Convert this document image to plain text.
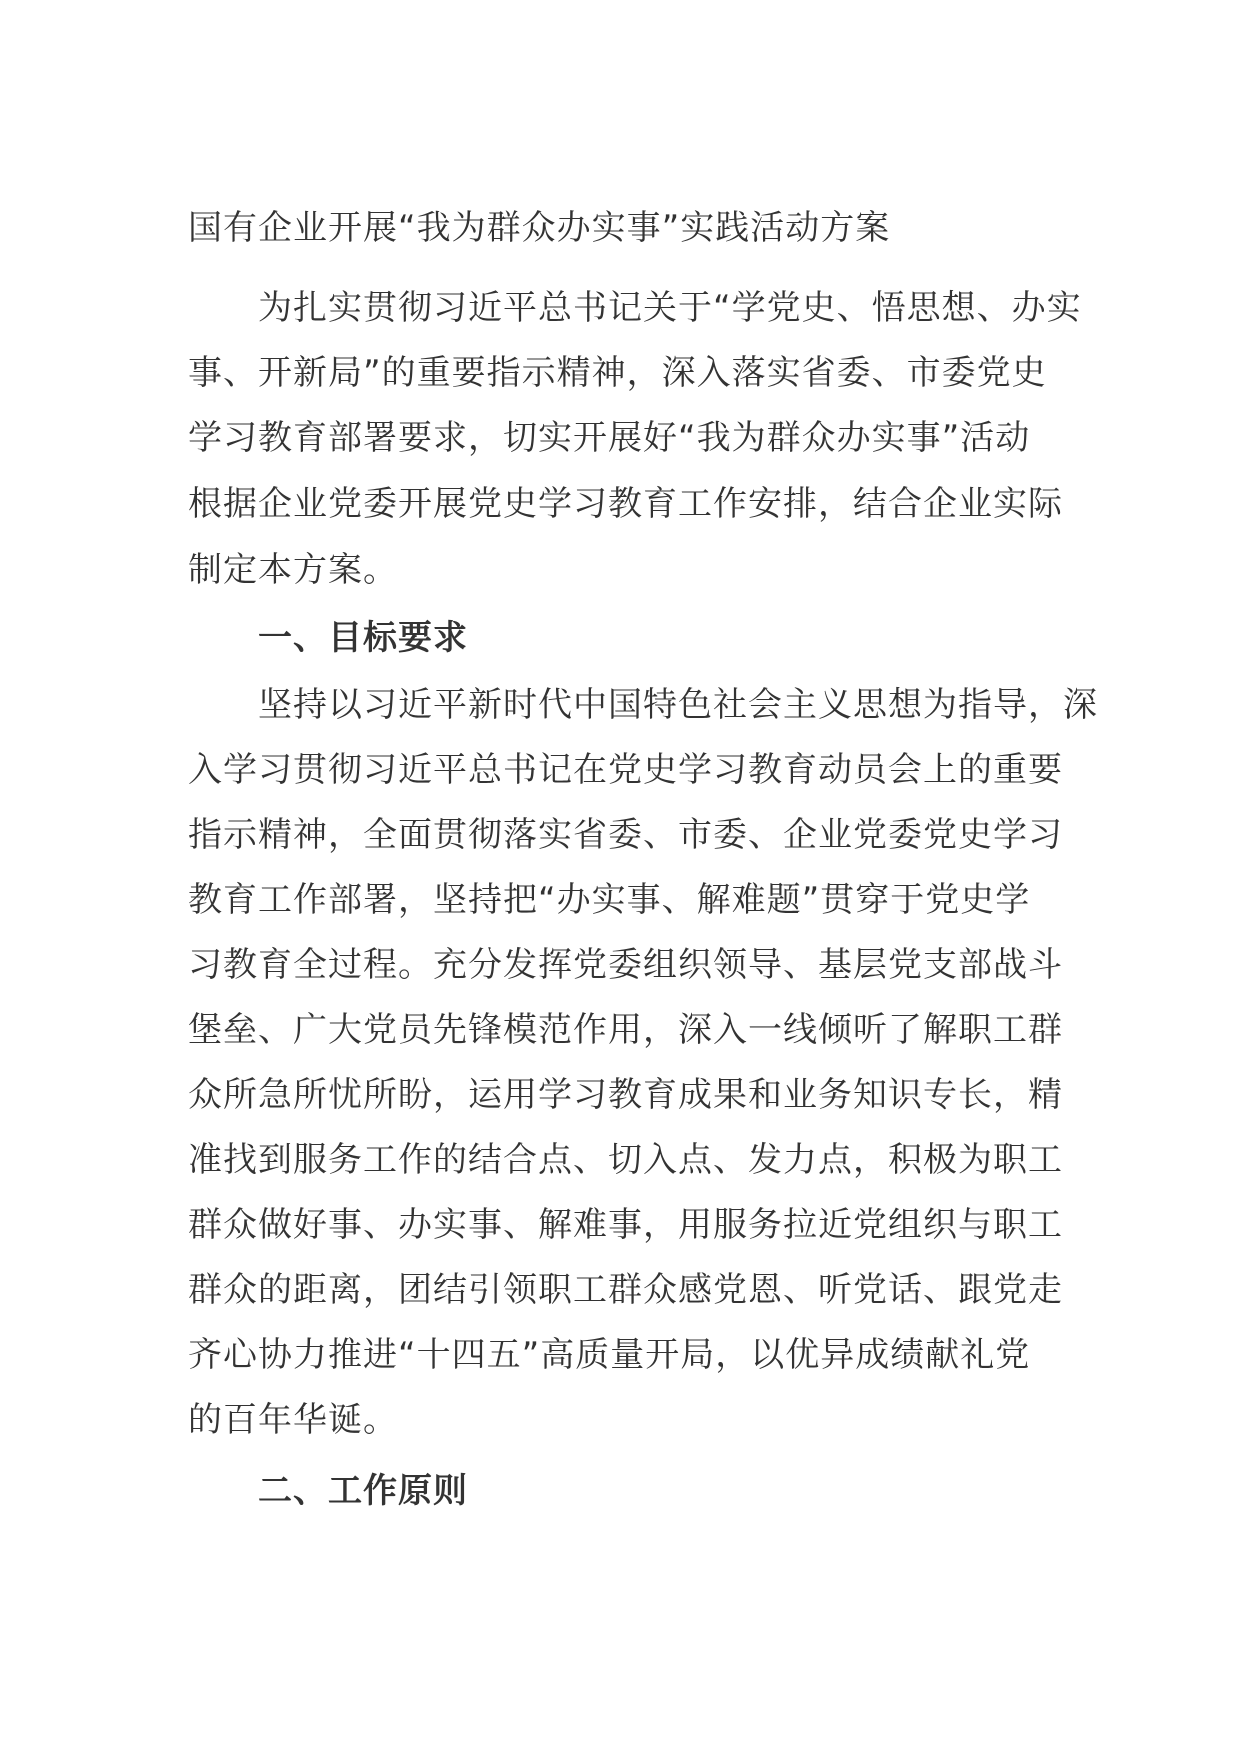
国有企业开展“我为群众办实事”实践活动方案
　　为扎实贯彻习近平总书记关于“学党史、悟思想、办实
事、开新局”的重要指示精神，深入落实省委、市委党史
学习教育部署要求，切实开展好“我为群众办实事”活动
根据企业党委开展党史学习教育工作安排，结合企业实际
制定本方案。
　　一、目标要求
　　坚持以习近平新时代中国特色社会主义思想为指导，深
入学习贯彻习近平总书记在党史学习教育动员会上的重要
指示精神，全面贯彻落实省委、市委、企业党委党史学习
教育工作部署，坚持把“办实事、解难题”贯穿于党史学
习教育全过程。充分发挥党委组织领导、基层党支部战斗
堡垒、广大党员先锋模范作用，深入一线倾听了解职工群
众所急所忧所盼，运用学习教育成果和业务知识专长，精
准找到服务工作的结合点、切入点、发力点，积极为职工
群众做好事、办实事、解难事，用服务拉近党组织与职工
群众的距离，团结引领职工群众感党恩、听党话、跟党走
齐心协力推进“十四五”高质量开局，以优异成绩献礼党
的百年华诞。
　　二、工作原则
